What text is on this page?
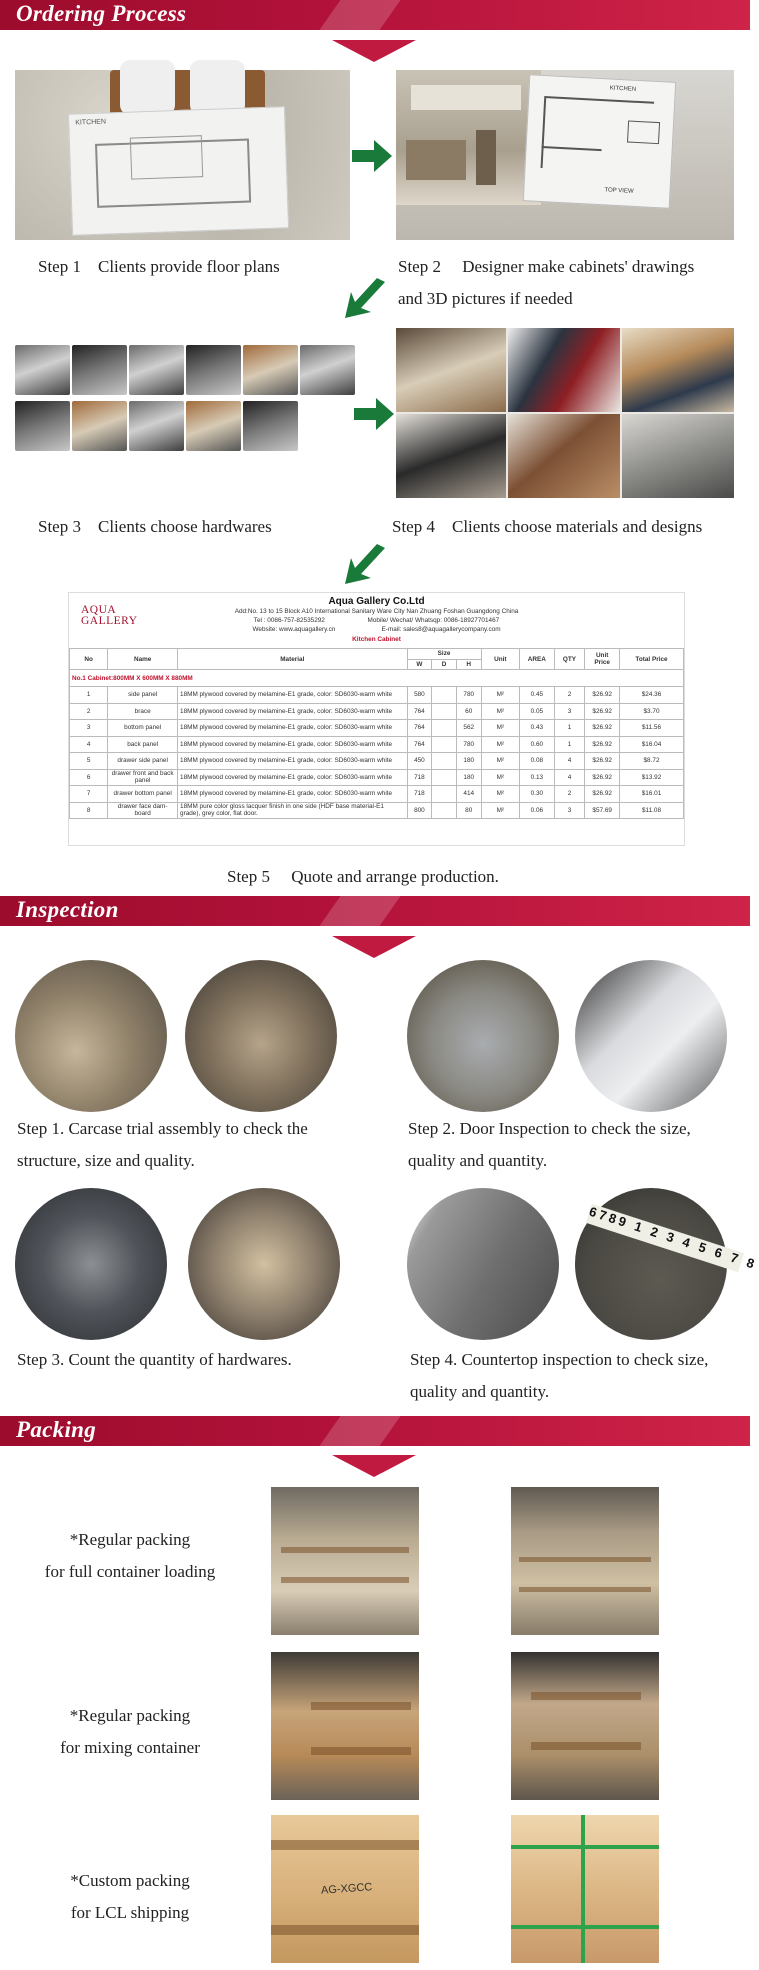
Ordering Process
KITCHEN
KITCHEN
TOP VIEW
Step 1 Clients provide floor plans	Step 2 Designer make cabinets' drawings
and 3D pictures if needed
Step 3 Clients choose hardwares	Step 4 Clients choose materials and designs
AQUA
GALLERY
Aqua Gallery Co.Ltd
Add:No. 13 to 15 Block A10 International Sanitary Ware City Nan Zhuang Foshan Guangdong China
Tel : 0086-757-82535292	Mobile/ Wechat/ Whatsqp: 0086-18927701467
Website: www.aquagallery.cn	E-mail: sales8@aquagallerycompany.com
Kitchen Cabinet
No	Name	Material	Size			Unit	AREA	QTY	Unit Price	Total Price
			W	D	H					
No.1 Cabinet:800MM X 600MM X 880MM										
1	side panel	18MM plywood covered by melamine-E1 grade, color: SD6030-warm white	580		780	M²	0.45	2	$26.92	$24.36
2	brace	18MM plywood covered by melamine-E1 grade, color: SD6030-warm white	764		60	M²	0.05	3	$26.92	$3.70
3	bottom panel	18MM plywood covered by melamine-E1 grade, color: SD6030-warm white	764		562	M²	0.43	1	$26.92	$11.56
4	back panel	18MM plywood covered by melamine-E1 grade, color: SD6030-warm white	764		780	M²	0.60	1	$26.92	$16.04
5	drawer side panel	18MM plywood covered by melamine-E1 grade, color: SD6030-warm white	450		180	M²	0.08	4	$26.92	$8.72
6	drawer front and back panel	18MM plywood covered by melamine-E1 grade, color: SD6030-warm white	718		180	M²	0.13	4	$26.92	$13.92
7	drawer bottom panel	18MM plywood covered by melamine-E1 grade, color: SD6030-warm white	718		414	M²	0.30	2	$26.92	$16.01
8	drawer face dam-board	18MM pure color gloss lacquer finish in one side (HDF base material-E1 grade), grey color, flat door.	800		80	M²	0.06	3	$57.69	$11.08
Step 5 Quote and arrange production.
Inspection
Step 1. Carcase trial assembly to check the
structure, size and quality.
Step 2. Door Inspection to check the size,
quality and quantity.
6789 1 2 3 4 5 6 7 8
Step 3. Count the quantity of hardwares.	Step 4. Countertop inspection to check size,
quality and quantity.
Packing
*Regular packing
for full container loading
*Regular packing
for mixing container
*Custom packing
for LCL shipping
AG-XGCC
